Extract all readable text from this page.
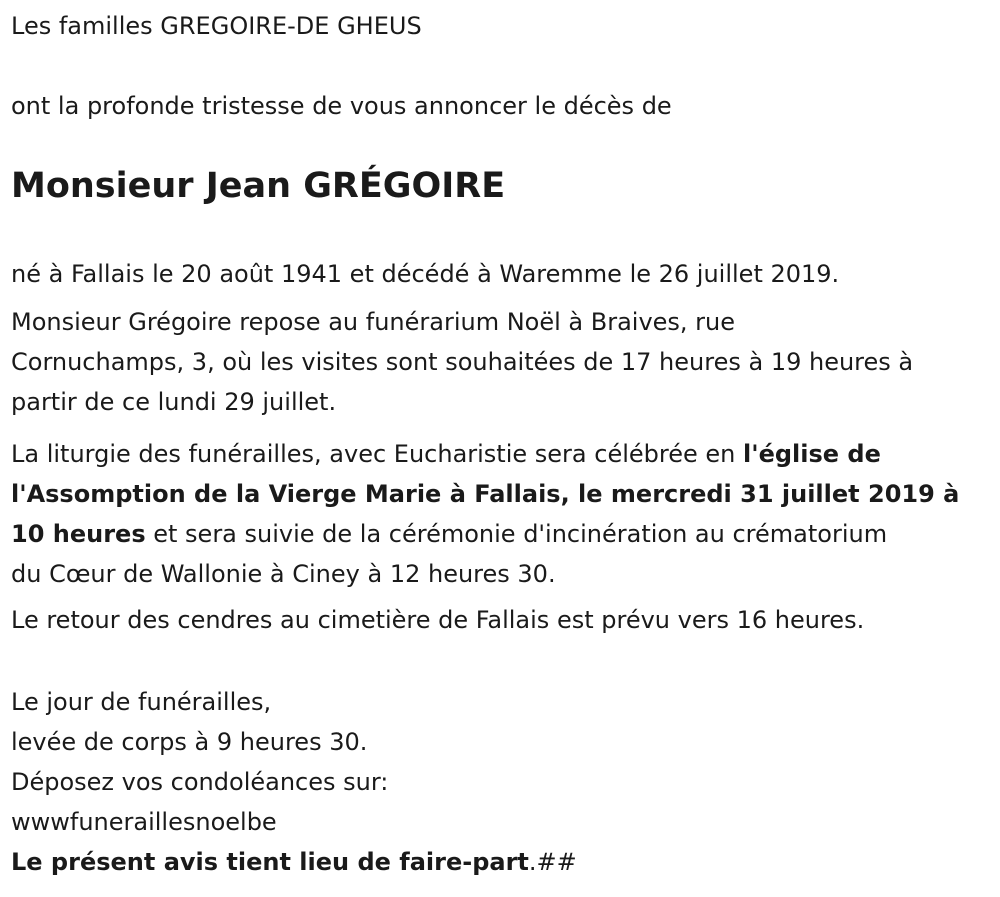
Les familles GREGOIRE-DE GHEUS

ont la profonde tristesse de vous annoncer le décès de

Monsieur Jean GRÉGOIRE

né à Fallais le 20 août 1941 et décédé à Waremme le 26 juillet 2019.

Monsieur Grégoire repose au funérarium Noël à Braives, rue

Cornuchamps, 3, où les visites sont souhaitées de 17 heures à 19 heures à

partir de ce lundi 29 juillet.

La liturgie des funérailles, avec Eucharistie sera célébrée en l'église de

l'Assomption de la Vierge Marie à Fallais, le mercredi 31 juillet 2019 à

10 heures et sera suivie de la cérémonie d'incinération au crématorium

du Cœur de Wallonie à Ciney à 12 heures 30.

Le retour des cendres au cimetière de Fallais est prévu vers 16 heures.

Le jour de funérailles,

levée de corps à 9 heures 30.

Déposez vos condoléances sur:

wwwfuneraillesnoelbe

Le présent avis tient lieu de faire-part.##
